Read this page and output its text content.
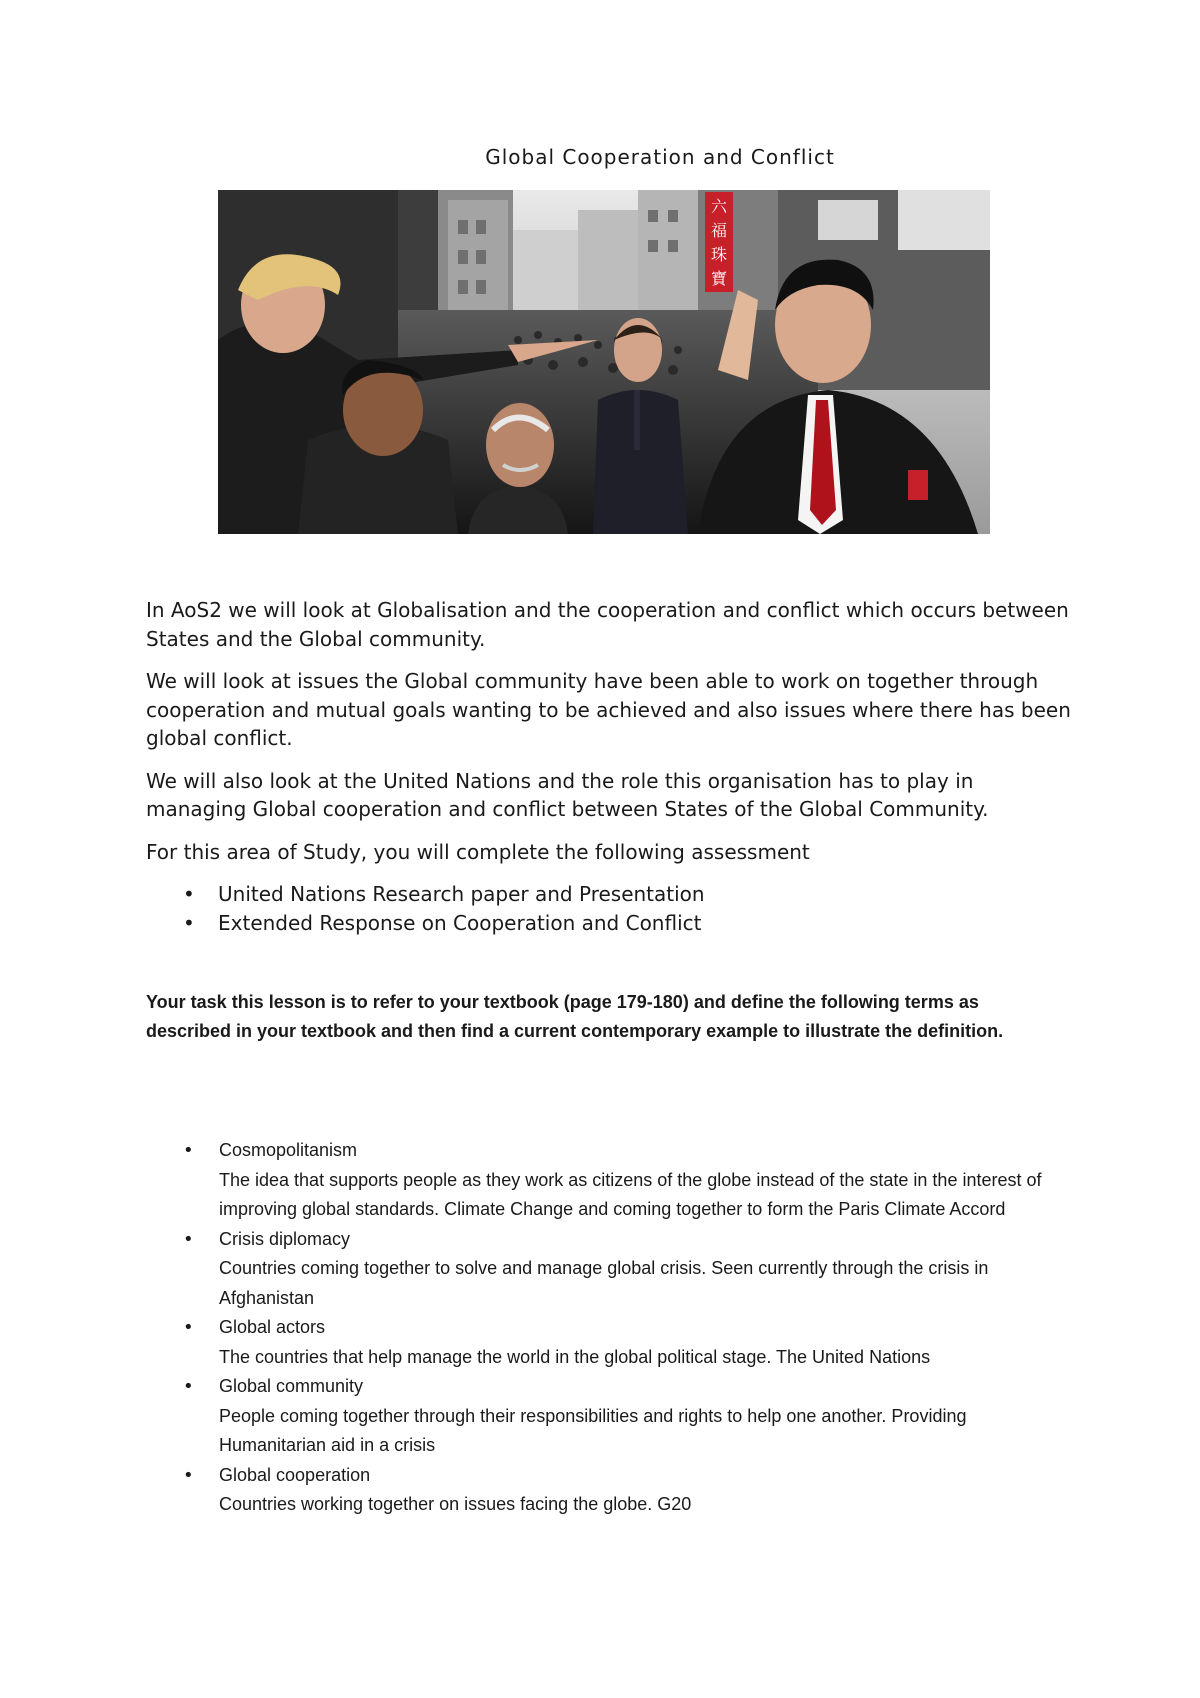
Global Cooperation and Conflict
六
福
珠
寶

In AoS2 we will look at Globalisation and the cooperation and conflict which occurs between States and the Global community.

We will look at issues the Global community have been able to work on together through cooperation and mutual goals wanting to be achieved and also issues where there has been global conflict.

We will also look at the United Nations and the role this organisation has to play in managing Global cooperation and conflict between States of the Global Community.

For this area of Study, you will complete the following assessment

• United Nations Research paper and Presentation
• Extended Response on Cooperation and Conflict
Your task this lesson is to refer to your textbook (page 179-180) and define the following terms as described in your textbook and then find a current contemporary example to illustrate the definition.
• Cosmopolitanism
The idea that supports people as they work as citizens of the globe instead of the state in the interest of improving global standards. Climate Change and coming together to form the Paris Climate Accord
• Crisis diplomacy
Countries coming together to solve and manage global crisis. Seen currently through the crisis in Afghanistan
• Global actors
The countries that help manage the world in the global political stage. The United Nations
• Global community
People coming together through their responsibilities and rights to help one another. Providing Humanitarian aid in a crisis
• Global cooperation
Countries working together on issues facing the globe. G20
